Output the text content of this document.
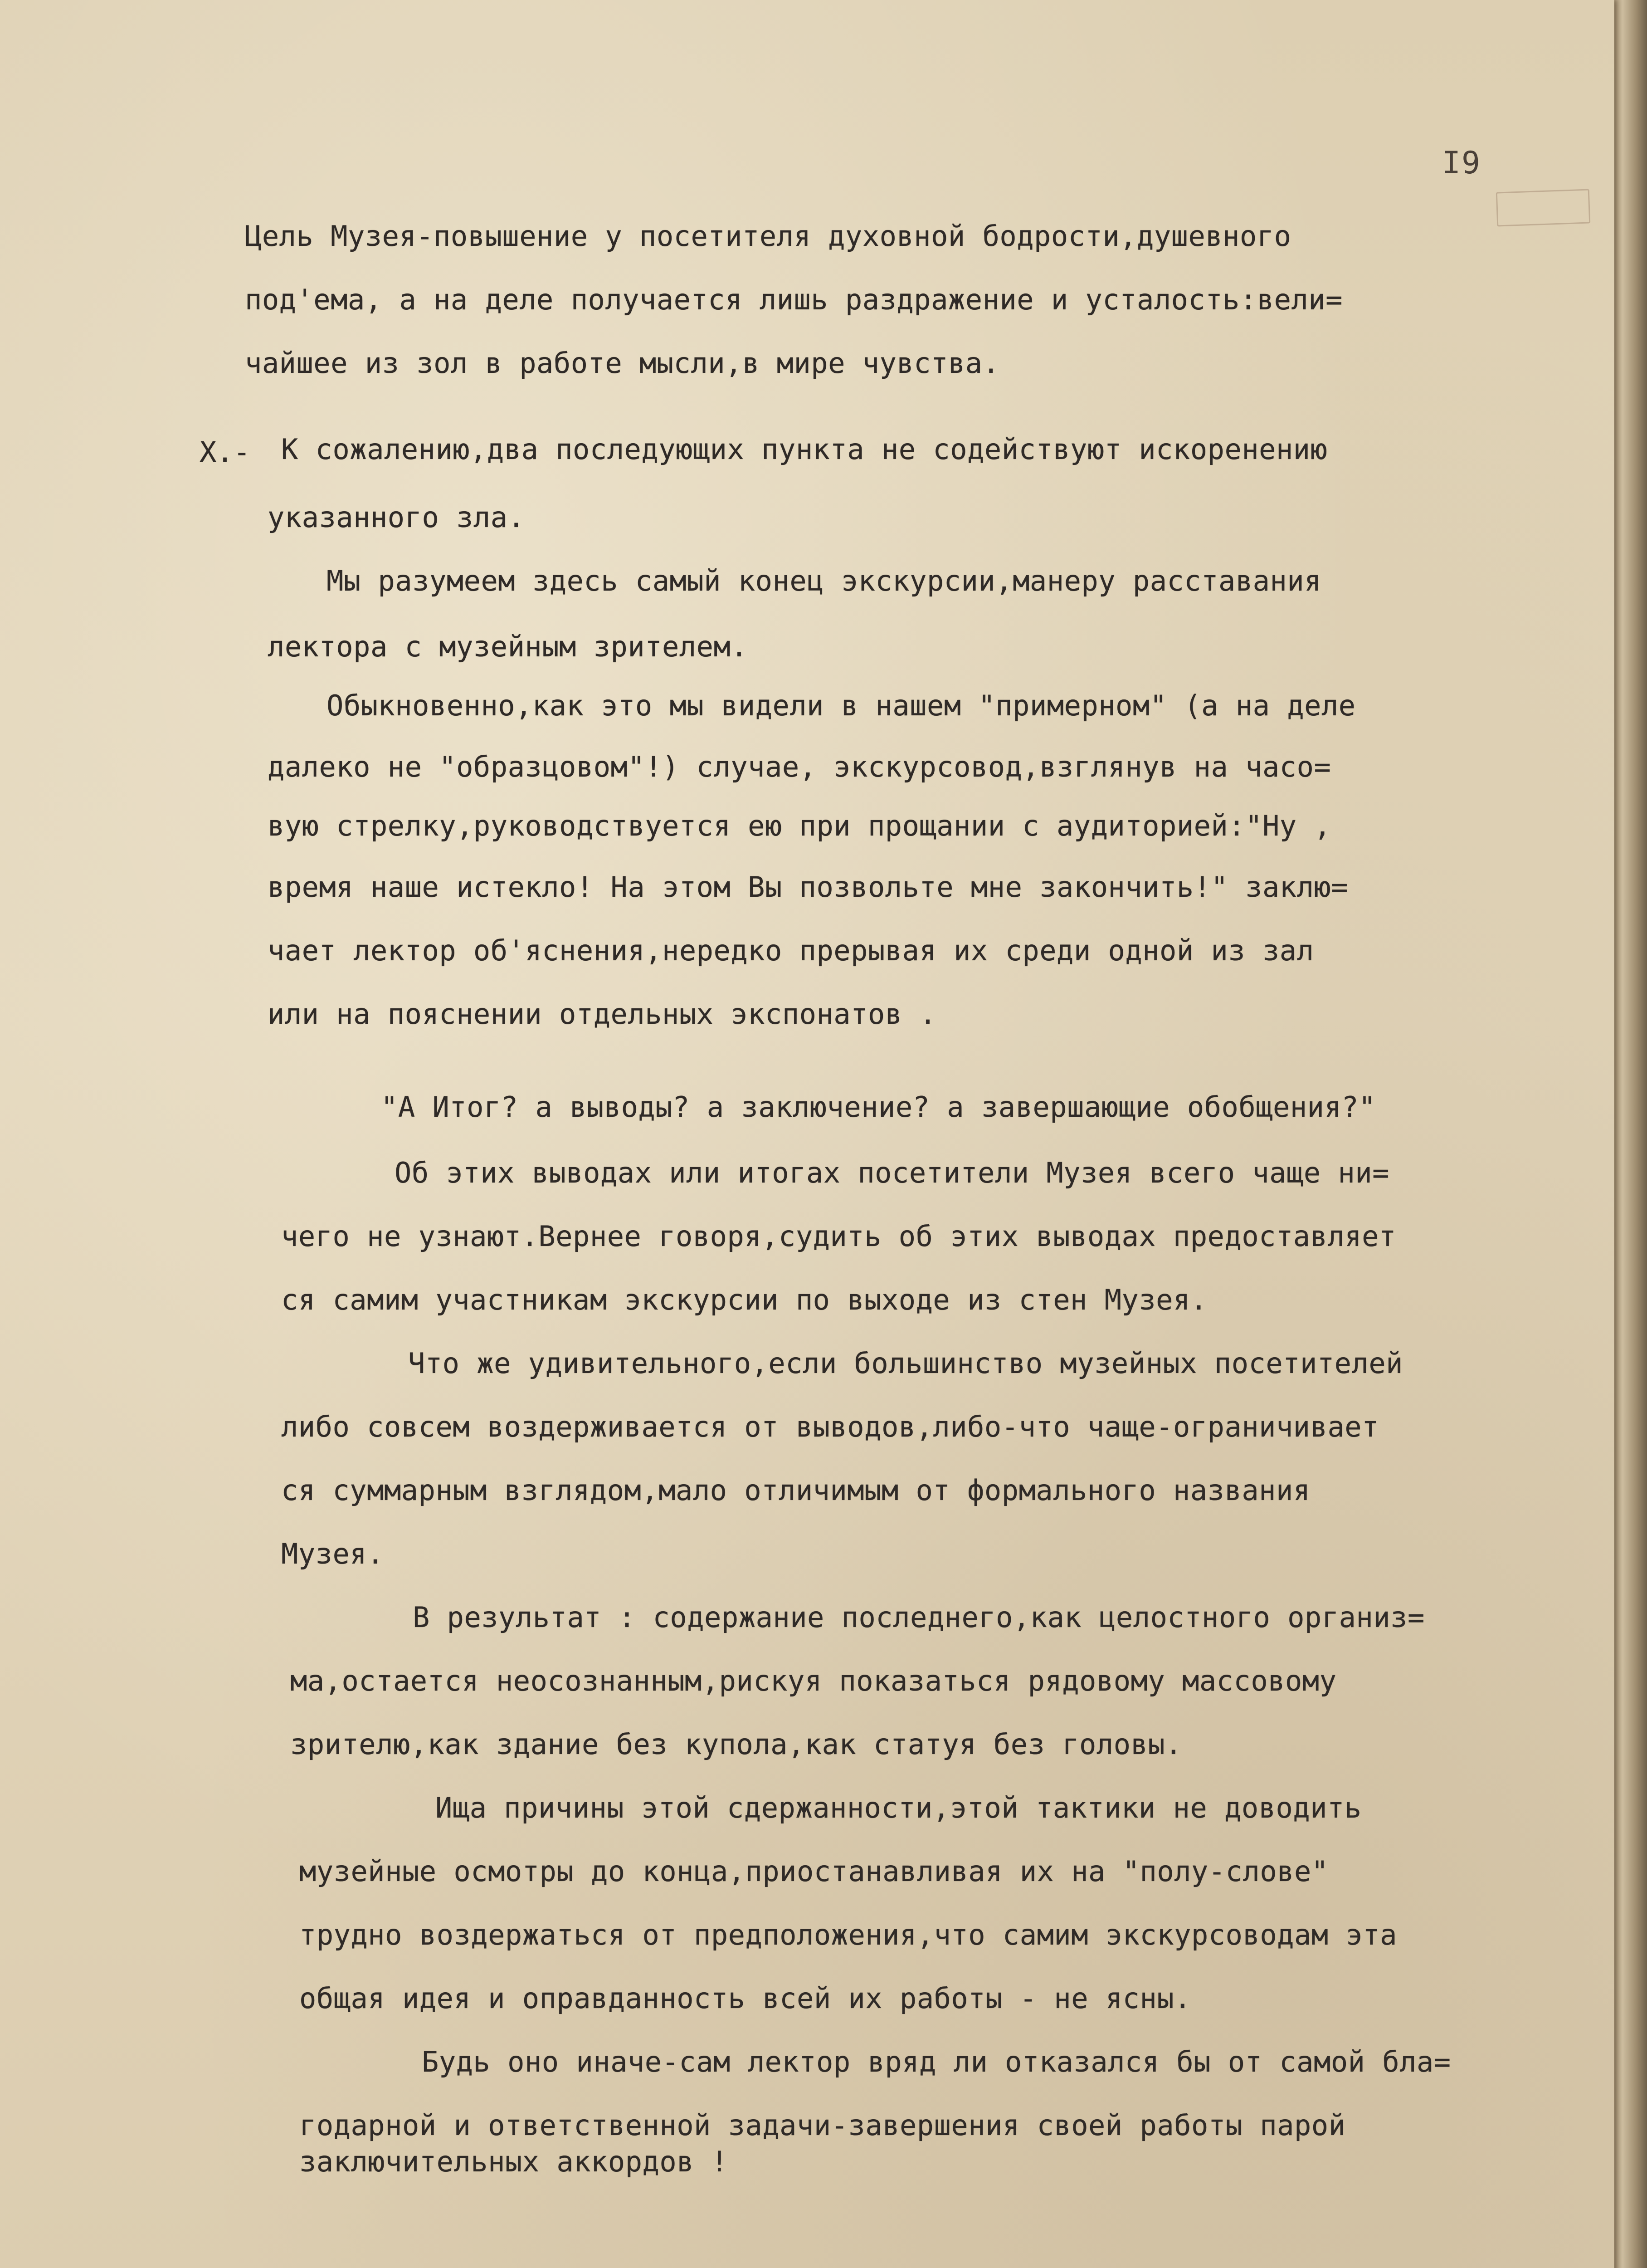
I9
Цель Музея-повышение у посетителя духовной бодрости,душевного
под'ема, а на деле получается лишь раздражение и усталость:вели=
чайшее из зол в работе мысли,в мире чувства.
X.- К сожалению,два последующих пункта не содействуют искоренению
указанного зла.
Мы разумеем здесь самый конец экскурсии,манеру расставания
лектора с музейным зрителем.
Обыкновенно,как это мы видели в нашем "примерном" (а на деле
далеко не "образцовом"!) случае, экскурсовод,взглянув на часо=
вую стрелку,руководствуется ею при прощании с аудиторией:"Ну ,
время наше истекло! На этом Вы позвольте мне закончить!" заклю=
чает лектор об'яснения,нередко прерывая их среди одной из зал
или на пояснении отдельных экспонатов .
"А Итог? а выводы? а заключение? а завершающие обобщения?"
Об этих выводах или итогах посетители Музея всего чаще ни=
чего не узнают.Вернее говоря,судить об этих выводах предоставляет
ся самим участникам экскурсии по выходе из стен Музея.
Что же удивительного,если большинство музейных посетителей
либо совсем воздерживается от выводов,либо-что чаще-ограничивает
ся суммарным взглядом,мало отличимым от формального названия
Музея.
В результат : содержание последнего,как целостного организ=
ма,остается неосознанным,рискуя показаться рядовому массовому
зрителю,как здание без купола,как статуя без головы.
Ища причины этой сдержанности,этой тактики не доводить
музейные осмотры до конца,приостанавливая их на "полу-слове"
трудно воздержаться от предположения,что самим экскурсоводам эта
общая идея и оправданность всей их работы - не ясны.
Будь оно иначе-сам лектор вряд ли отказался бы от самой бла=
годарной и ответственной задачи-завершения своей работы парой
заключительных аккордов !
